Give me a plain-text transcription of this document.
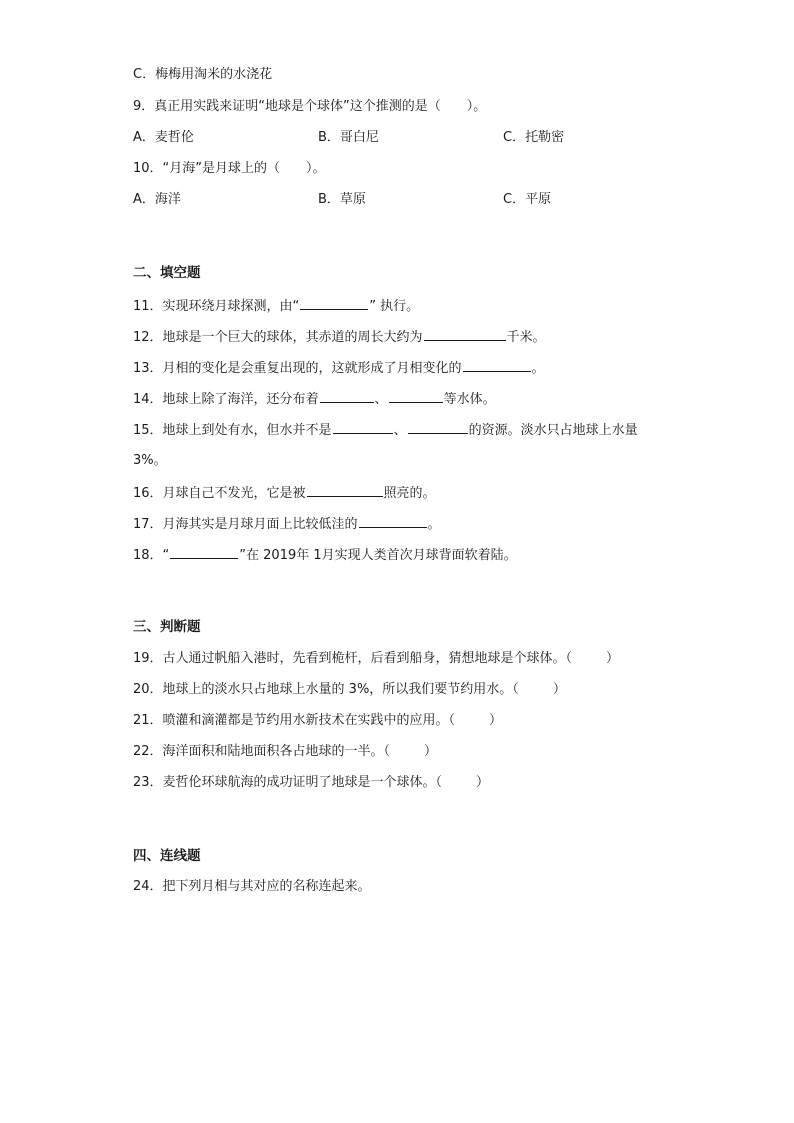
C．梅梅用淘米的水浇花
9．真正用实践来证明“地球是个球体”这个推测的是（　　）。
A．麦哲伦	B．哥白尼	C．托勒密
10．“月海”是月球上的（　　）。
A．海洋	B．草原	C．平原
二、填空题
11．实现环绕月球探测，由“	” 执行。
12．地球是一个巨大的球体，其赤道的周长大约为	千米。
13．月相的变化是会重复出现的，这就形成了月相变化的	。
14．地球上除了海洋，还分布着	、	等水体。
15．地球上到处有水，但水并不是	、	的资源。淡水只占地球上水量
3%。
16．月球自己不发光，它是被	照亮的。
17．月海其实是月球月面上比较低洼的	。
18．“	”在 2019年 1月实现人类首次月球背面软着陆。
三、判断题
19．古人通过帆船入港时，先看到桅杆，后看到船身，猜想地球是个球体。（	）
20．地球上的淡水只占地球上水量的 3%，所以我们要节约用水。（	）
21．喷灌和滴灌都是节约用水新技术在实践中的应用。（	）
22．海洋面积和陆地面积各占地球的一半。（	）
23．麦哲伦环球航海的成功证明了地球是一个球体。（	）
四、连线题
24．把下列月相与其对应的名称连起来。
